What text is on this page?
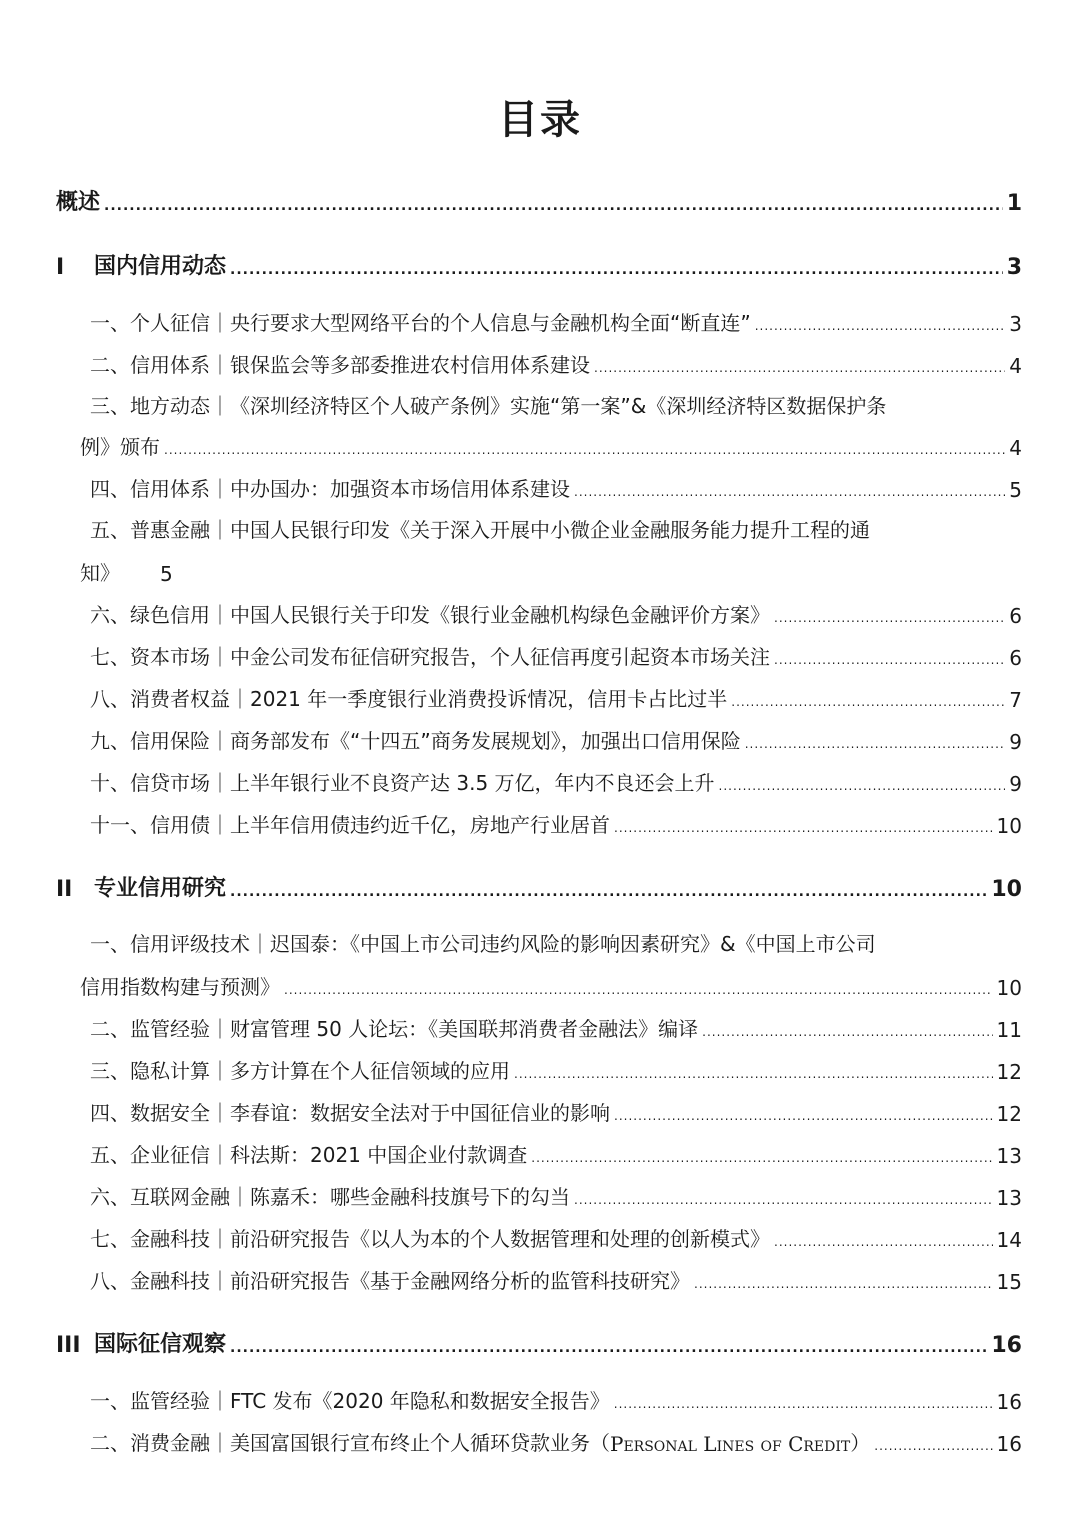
目录
概述 .....	1
I	国内信用动态 .....	3
一、个人征信｜央行要求大型网络平台的个人信息与金融机构全面“断直连” .....	3
二、信用体系｜银保监会等多部委推进农村信用体系建设 .....	4
三、地方动态｜《深圳经济特区个人破产条例》实施“第一案”&《深圳经济特区数据保护条
例》颁布 .....	4
四、信用体系｜中办国办：加强资本市场信用体系建设 .....	5
五、普惠金融｜中国人民银行印发《关于深入开展中小微企业金融服务能力提升工程的通
知》 5
六、绿色信用｜中国人民银行关于印发《银行业金融机构绿色金融评价方案》 .....	6
七、资本市场｜中金公司发布征信研究报告，个人征信再度引起资本市场关注 .....	6
八、消费者权益｜2021 年一季度银行业消费投诉情况，信用卡占比过半 .....	7
九、信用保险｜商务部发布《“十四五”商务发展规划》，加强出口信用保险 .....	9
十、信贷市场｜上半年银行业不良资产达 3.5 万亿，年内不良还会上升 .....	9
十一、信用债｜上半年信用债违约近千亿，房地产行业居首 .....	10
II 专业信用研究 .....	10
一、信用评级技术｜迟国泰：《中国上市公司违约风险的影响因素研究》&《中国上市公司
信用指数构建与预测》 .....	10
二、监管经验｜财富管理 50 人论坛：《美国联邦消费者金融法》编译 .....	11
三、隐私计算｜多方计算在个人征信领域的应用 .....	12
四、数据安全｜李春谊：数据安全法对于中国征信业的影响 .....	12
五、企业征信｜科法斯：2021 中国企业付款调查 .....	13
六、互联网金融｜陈嘉禾：哪些金融科技旗号下的勾当 .....	13
七、金融科技｜前沿研究报告《以人为本的个人数据管理和处理的创新模式》 .....	14
八、金融科技｜前沿研究报告《基于金融网络分析的监管科技研究》 .....	15
III 国际征信观察 .....	16
一、监管经验｜FTC 发布《2020 年隐私和数据安全报告》 .....	16
二、消费金融｜美国富国银行宣布终止个人循环贷款业务（ Personal Lines of Credit ） .....	16
